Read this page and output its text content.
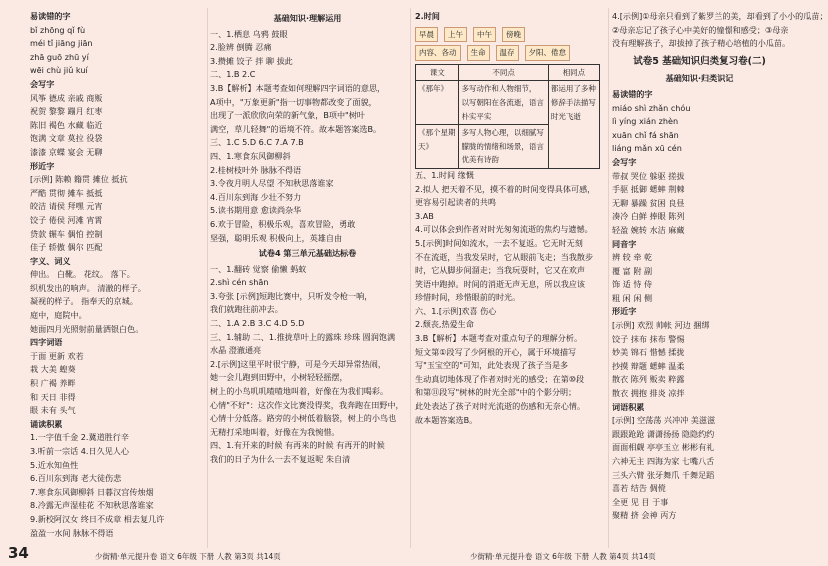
易读错的字
bǐ zhōng qǐ fù
méi tǐ jiāng jiān
zhā guō zhū yí
wēi chù jiǔ kuí
会写字
风筝 德成 亲戚 商贩
祝贺 黎黎 蹦月 红枣
陈旧 褐色 水藏 临近
饱满 文章 莫拉 役袋
漆漆 京蝶 宴会 无聊
形近字
[示例] 陈赖 籍贯 摊位 抵抗
严酷 贯彻 摊车 抵抵
皎洁 请侯 拜嘿 元宵
饺子 倦侯 河滩 宵霄
贷款 辗车 偶怕 控制
佳子 轿傲 偶尔 匹配
字义、词义
伸出。 白靴。 花纹。 落下。
织机发出的响声。 清澈的样子。
凝视的样子。 指奉天的京城。
庭中，庭院中。
她面四月光照射前量洒银白色。
四字词语
于面 更新 欢若
栽 大美 蝗葵
积 广褐 养畔
和 天日 非得
眼 未有 头气
诵读积累
1.一字值千金 2.冀道胜行辛
3.听前一宗话 4.日久见人心
5.近水知鱼性
6.百川东到海 老大徒伤悲
7.寒食东风御柳斜 日暮汉宫传烛烟
8.冷露无声湿桂花 不知秋思落谁家
9.新校阿汉女 终日不成章 相去复几许
盈盈一水间 脉脉不得语
基础知识·理解运用
一、1.栖息 乌鸦 鼓眼
2.脸辨 倒腾 忍痛
3.攒摊 饺子 拌 聊 拔此
二、1.B 2.C
3.B【解析】本题考查如何理解四字词语的意思，
A项中，"万象更新"指一切事物都改变了面貌，
出现了一派欣欣向荣的新气象，B项中"树叶
满空，草儿轻舞"的语境不符。故本题答案选B。
三、1.C 5.D 6.C 7.A 7.B
四、1.寒食东风御柳斜
2.桂树枝叶外 脉脉不得语
3.令夜月明人尽望 不知秋思落谁家
4.百川东到海 少壮不努力
5.读书期用意 愈读尚杂华
6.欢于冒险，积极乐观，喜欢冒险，勇敢
坚强，聪明乐观 积极向上，英雄自由
试卷4 第三单元基础达标卷
一、1.翻砖 觉察 偷懒 蚂蚁
2.shì cén shān
3.夸张 [示例]短跑比赛中，只听发令枪一响，
我们就跑往前冲去。
二、1.A 2.B 3.C 4.D 5.D
三、1.辅助 二、1.推拢草叶上的露珠 珍珠 圆润饱满
水晶 澄澈通亮
2.[示例]这里平时很宁静，可是今天却异常热闹，
她一会儿跑到田野中，小树轻轻摇摆，
树上的小鸟叽叽喳喳地叫着，好像在为我们喝彩。
心情"不好"：这次作文比赛没得奖，我奔跑在田野中，
心情十分低落。路旁的小树低着脑袋，树上的小鸟也
无精打采地叫着，好像在为我惋惜。
四、1.有开来的时候 有再来的时候 有再开的时候
我们的日子为什么一去不复返呢 朱自清
2.时间
早晨	上午	中午	傍晚
内容、各动	生命	温存	夕阳、倦怠
课文	不同点	相同点
《那年》	多写动作和人物细节，
以写朝阳在各流逝，语言
朴实平实	都运用了多种
修辞手法描写
时光飞逝
《那个星期
天》	多写人物心理，以细腻写
朦胧的情绪和场景，语言
优美有诗韵	
五、1.时间 缘慨
2.拟人 把天着不见，摸不着的时间变得具体可感，
更容易引起读者的共鸣
3.AB
4.可以体会到作者对时光匆匆流逝的焦灼与遗憾。
5.[示例]时间如流水，一去不复返。它无时无刻
不在流逝，当我发呆时，它从眼前飞走；当我散步
时，它从脚步间溜走；当我玩耍时，它又在欢声
笑语中跑掉。时间的消逝无声无息，所以我应该
珍惜时间，珍惜眼前的时光。
六、1.[示例]欢喜 伤心
2.颓丧,热爱生命
3.B【解析】本题考查对重点句子的理解分析。
短文第①段写了少阿根的开心，属于环境描写
写"玉宝空的"可知，此处表现了孩子当是多
生动真切地体现了作者对时光的感受；在第⑩段
和第⑪段写"树林的时光全部"中的个影分明；
此处表达了孩子对时光流逝的伤感和无奈心情。
故本题答案选B。
4.[示例]①母亲只看到了紫罗兰的美，却看到了小小的瓜苗；
②母亲忘记了孩子心中美好的憧憬和感受；③母亲
没有理解孩子，却拔掉了孩子精心培植的小瓜苗。
试卷5 基础知识归类复习卷(二)
基础知识·归类识记
易读错的字
miáo shì zhǎn chóu
lì yíng xián zhèn
xuān chǐ fá shān
liáng mǎn xū cén
会写字
带叔 哭位 躲驱 搓拔
手驱 抵御 蟋蟀 荆棘
无聊 暴躁 贫困 良昼
凑冷 白鲜 捧眼 陈列
轻盈 婉转 水洁 麻藏
同音字
辨 较 牵 乾
覆 富 附 副
饰 适 恃 侍
粗 闲 闲 侧
形近字
[示例] 欢烈 帅帐 河边 捆绑
饺子 抹布 抹布 警惕
妙美 锦石 惜憾 揉拢
抄摸 辩题 蟋蟀 温柔
散衣 陈列 贩卖 粹露
散衣 拥抱 排炎 凉拌
词语积累
[示例] 空荡荡 兴冲冲 美滋滋
跟跟跄跄 潇潇扬扬 隐隐约约
面面相觑 亭亭玉立 彬彬有礼
六神无主 四海为家 七嘴八舌
三头六臂 张牙舞爪 千舞足蹈
喜若 结告 倜傥
全更 见 目 于事
聚精 挤 会神 丙方
34	少街精·单元提升卷 语文 6年级 下册 人教 第3页 共14页	少街精·单元提升卷 语文 6年级 下册 人教 第4页 共14页
